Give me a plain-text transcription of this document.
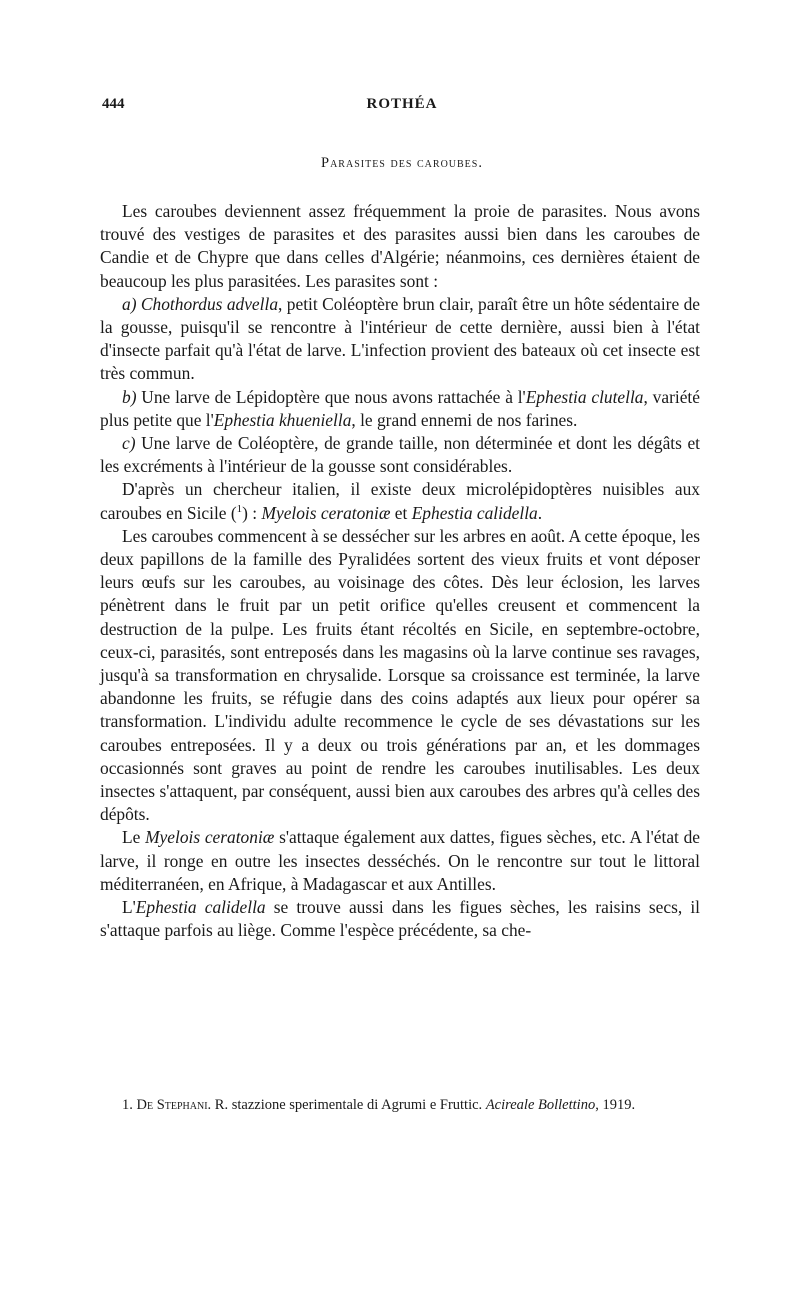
444	ROTHÉA
Parasites des caroubes.

Les caroubes deviennent assez fréquemment la proie de parasites. Nous avons trouvé des vestiges de parasites et des parasites aussi bien dans les caroubes de Candie et de Chypre que dans celles d'Algérie; néanmoins, ces dernières étaient de beaucoup les plus parasitées. Les parasites sont :

a) Chothordus advella, petit Coléoptère brun clair, paraît être un hôte sédentaire de la gousse, puisqu'il se rencontre à l'intérieur de cette dernière, aussi bien à l'état d'insecte parfait qu'à l'état de larve. L'infection provient des bateaux où cet insecte est très commun.

b) Une larve de Lépidoptère que nous avons rattachée à l'Ephestia clutella, variété plus petite que l'Ephestia khueniella, le grand ennemi de nos farines.

c) Une larve de Coléoptère, de grande taille, non déterminée et dont les dégâts et les excréments à l'intérieur de la gousse sont considérables.

D'après un chercheur italien, il existe deux microlépidoptères nuisibles aux caroubes en Sicile ($^1$) : Myelois ceratoniæ et Ephestia calidella.

Les caroubes commencent à se dessécher sur les arbres en août. A cette époque, les deux papillons de la famille des Pyralidées sortent des vieux fruits et vont déposer leurs œufs sur les caroubes, au voisinage des côtes. Dès leur éclosion, les larves pénètrent dans le fruit par un petit orifice qu'elles creusent et commencent la destruction de la pulpe. Les fruits étant récoltés en Sicile, en septembre-octobre, ceux-ci, parasités, sont entreposés dans les magasins où la larve continue ses ravages, jusqu'à sa transformation en chrysalide. Lorsque sa croissance est terminée, la larve abandonne les fruits, se réfugie dans des coins adaptés aux lieux pour opérer sa transformation. L'individu adulte recommence le cycle de ses dévastations sur les caroubes entreposées. Il y a deux ou trois générations par an, et les dommages occasionnés sont graves au point de rendre les caroubes inutilisables. Les deux insectes s'attaquent, par conséquent, aussi bien aux caroubes des arbres qu'à celles des dépôts.

Le Myelois ceratoniæ s'attaque également aux dattes, figues sèches, etc. A l'état de larve, il ronge en outre les insectes desséchés. On le rencontre sur tout le littoral méditerranéen, en Afrique, à Madagascar et aux Antilles.

L'Ephestia calidella se trouve aussi dans les figues sèches, les raisins secs, il s'attaque parfois au liège. Comme l'espèce précédente, sa che-

1. De Stephani. R. stazzione sperimentale di Agrumi e Fruttic. Acireale Bollettino, 1919.
